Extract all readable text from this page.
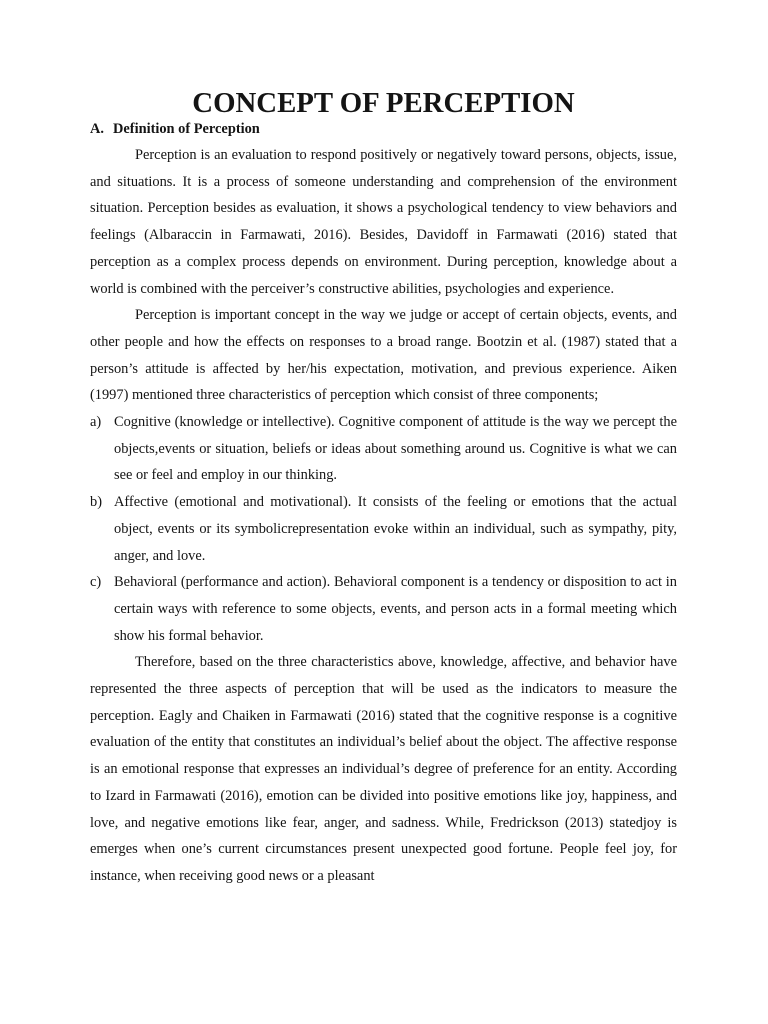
CONCEPT OF PERCEPTION
A. Definition of Perception

Perception is an evaluation to respond positively or negatively toward persons, objects, issue, and situations. It is a process of someone understanding and comprehension of the environment situation. Perception besides as evaluation, it shows a psychological tendency to view behaviors and feelings (Albaraccin in Farmawati, 2016). Besides, Davidoff in Farmawati (2016) stated that perception as a complex process depends on environment. During perception, knowledge about a world is combined with the perceiver’s constructive abilities, psychologies and experience.

Perception is important concept in the way we judge or accept of certain objects, events, and other people and how the effects on responses to a broad range. Bootzin et al. (1987) stated that a person’s attitude is affected by her/his expectation, motivation, and previous experience. Aiken (1997) mentioned three characteristics of perception which consist of three components;

a) Cognitive (knowledge or intellective). Cognitive component of attitude is the way we percept the objects,events or situation, beliefs or ideas about something around us. Cognitive is what we can see or feel and employ in our thinking.
b) Affective (emotional and motivational). It consists of the feeling or emotions that the actual object, events or its symbolicrepresentation evoke within an individual, such as sympathy, pity, anger, and love.
c) Behavioral (performance and action). Behavioral component is a tendency or disposition to act in certain ways with reference to some objects, events, and person acts in a formal meeting which show his formal behavior.

Therefore, based on the three characteristics above, knowledge, affective, and behavior have represented the three aspects of perception that will be used as the indicators to measure the perception. Eagly and Chaiken in Farmawati (2016) stated that the cognitive response is a cognitive evaluation of the entity that constitutes an individual’s belief about the object. The affective response is an emotional response that expresses an individual’s degree of preference for an entity. According to Izard in Farmawati (2016), emotion can be divided into positive emotions like joy, happiness, and love, and negative emotions like fear, anger, and sadness. While, Fredrickson (2013) statedjoy is emerges when one’s current circumstances present unexpected good fortune. People feel joy, for instance, when receiving good news or a pleasant
